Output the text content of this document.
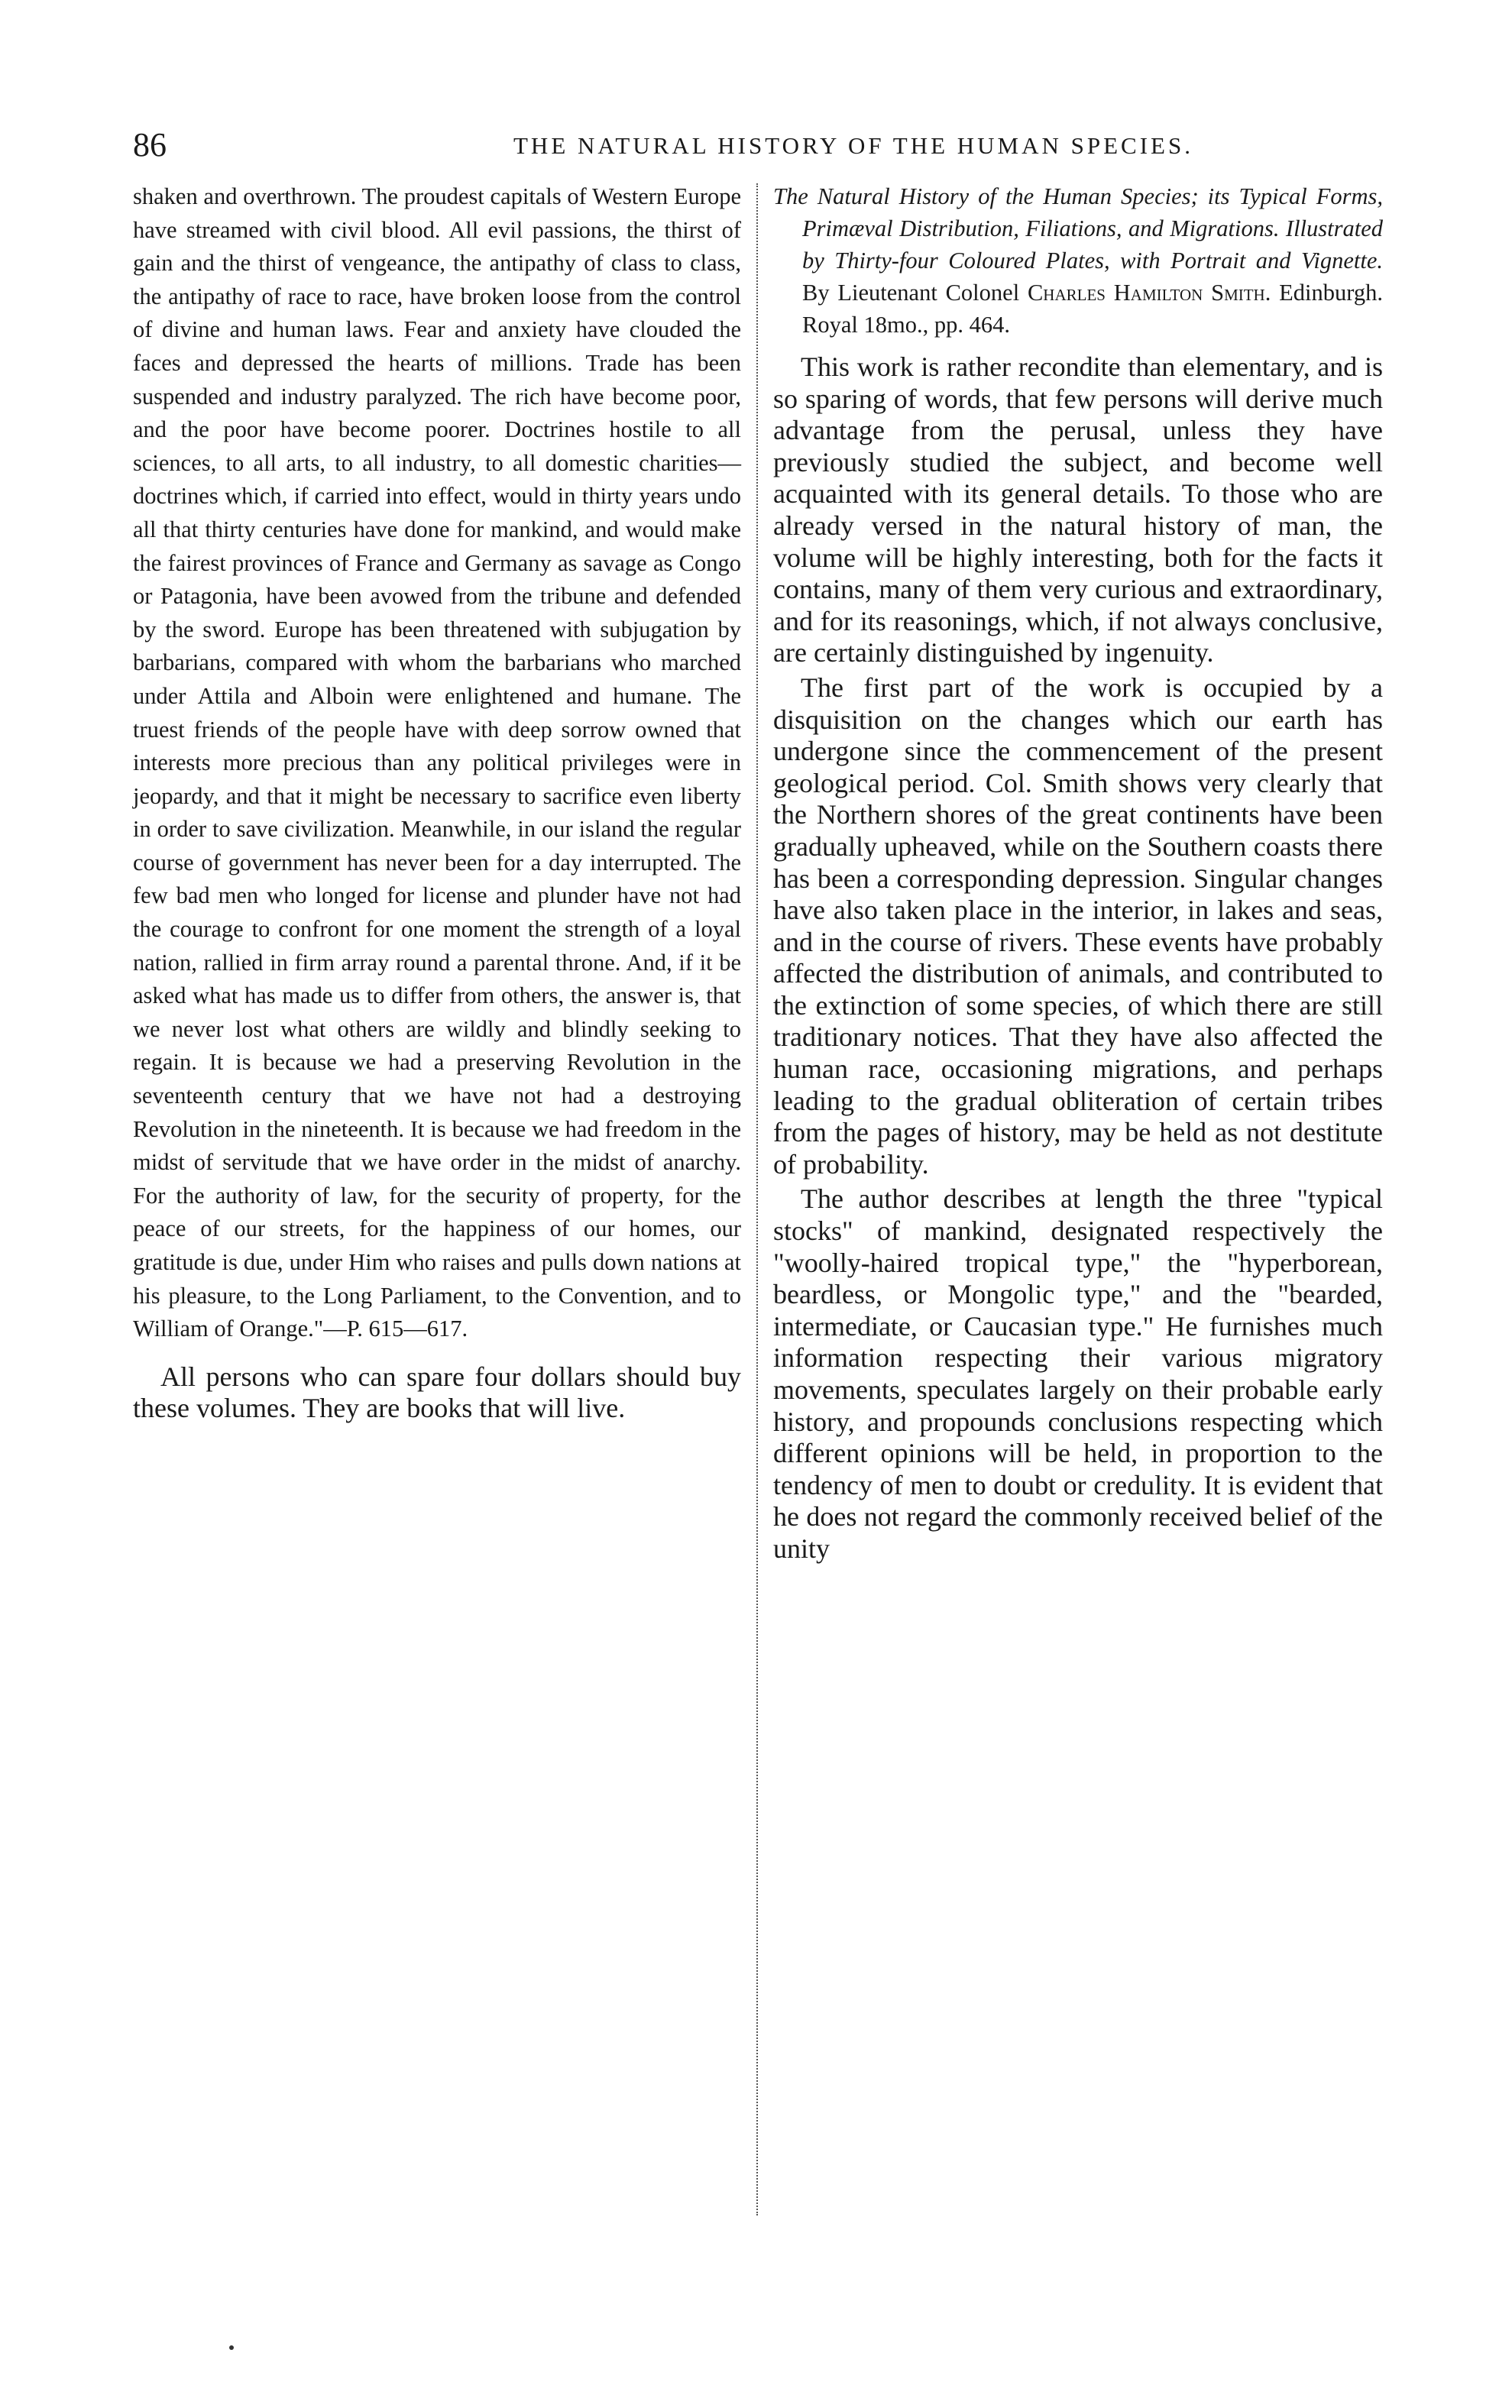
86	THE NATURAL HISTORY OF THE HUMAN SPECIES.

shaken and overthrown. The proudest capitals of Western Europe have streamed with civil blood. All evil passions, the thirst of gain and the thirst of vengeance, the antipathy of class to class, the antipathy of race to race, have broken loose from the control of divine and human laws. Fear and anxiety have clouded the faces and depressed the hearts of millions. Trade has been suspended and industry paralyzed. The rich have become poor, and the poor have become poorer. Doctrines hostile to all sciences, to all arts, to all industry, to all domestic charities—doctrines which, if carried into effect, would in thirty years undo all that thirty centuries have done for mankind, and would make the fairest provinces of France and Germany as savage as Congo or Patagonia, have been avowed from the tribune and defended by the sword. Europe has been threatened with subjugation by barbarians, compared with whom the barbarians who marched under Attila and Alboin were enlightened and humane. The truest friends of the people have with deep sorrow owned that interests more precious than any political privileges were in jeopardy, and that it might be necessary to sacrifice even liberty in order to save civilization. Meanwhile, in our island the regular course of government has never been for a day interrupted. The few bad men who longed for license and plunder have not had the courage to confront for one moment the strength of a loyal nation, rallied in firm array round a parental throne. And, if it be asked what has made us to differ from others, the answer is, that we never lost what others are wildly and blindly seeking to regain. It is because we had a preserving Revolution in the seventeenth century that we have not had a destroying Revolution in the nineteenth. It is because we had freedom in the midst of servitude that we have order in the midst of anarchy. For the authority of law, for the security of property, for the peace of our streets, for the happiness of our homes, our gratitude is due, under Him who raises and pulls down nations at his pleasure, to the Long Parliament, to the Convention, and to William of Orange."—P. 615—617.

All persons who can spare four dollars should buy these volumes. They are books that will live.

The Natural History of the Human Species; its Typical Forms, Primæval Distribution, Filiations, and Migrations. Illustrated by Thirty-four Coloured Plates, with Portrait and Vignette. By Lieutenant Colonel Charles Hamilton Smith. Edinburgh. Royal 18mo., pp. 464.

This work is rather recondite than elementary, and is so sparing of words, that few persons will derive much advantage from the perusal, unless they have previously studied the subject, and become well acquainted with its general details. To those who are already versed in the natural history of man, the volume will be highly interesting, both for the facts it contains, many of them very curious and extraordinary, and for its reasonings, which, if not always conclusive, are certainly distinguished by ingenuity.

The first part of the work is occupied by a disquisition on the changes which our earth has undergone since the commencement of the present geological period. Col. Smith shows very clearly that the Northern shores of the great continents have been gradually upheaved, while on the Southern coasts there has been a corresponding depression. Singular changes have also taken place in the interior, in lakes and seas, and in the course of rivers. These events have probably affected the distribution of animals, and contributed to the extinction of some species, of which there are still traditionary notices. That they have also affected the human race, occasioning migrations, and perhaps leading to the gradual obliteration of certain tribes from the pages of history, may be held as not destitute of probability.

The author describes at length the three "typical stocks" of mankind, designated respectively the "woolly-haired tropical type," the "hyperborean, beardless, or Mongolic type," and the "bearded, intermediate, or Caucasian type." He furnishes much information respecting their various migratory movements, speculates largely on their probable early history, and propounds conclusions respecting which different opinions will be held, in proportion to the tendency of men to doubt or credulity. It is evident that he does not regard the commonly received belief of the unity
